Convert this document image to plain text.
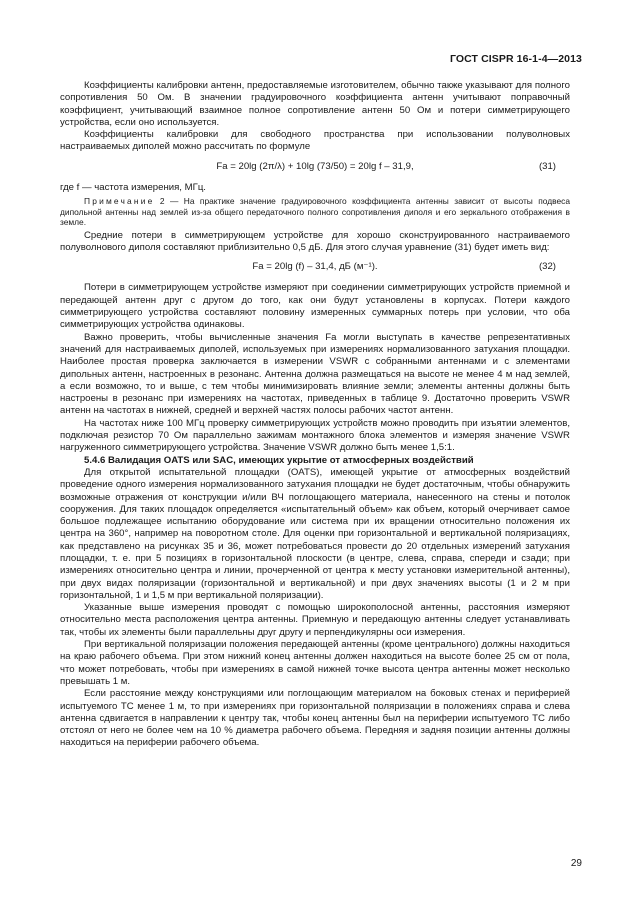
ГОСТ CISPR 16-1-4—2013

Коэффициенты калибровки антенн, предоставляемые изготовителем, обычно также указывают для полного сопротивления 50 Ом. В значении градуировочного коэффициента антенн учитывают поправочный коэффициент, учитывающий взаимное полное сопротивление антенн 50 Ом и потери симметрирующего устройства, если оно используется.

Коэффициенты калибровки для свободного пространства при использовании полуволновых настраиваемых диполей можно рассчитать по формуле

Fa = 20lg (2π/λ) + 10lg (73/50) = 20lg f – 31,9,	(31)

где f — частота измерения, МГц.

Примечание 2 — На практике значение градуировочного коэффициента антенны зависит от высоты подвеса дипольной антенны над землей из-за общего передаточного полного сопротивления диполя и его зеркального отображения в земле.

Средние потери в симметрирующем устройстве для хорошо сконструированного настраиваемого полуволнового диполя составляют приблизительно 0,5 дБ. Для этого случая уравнение (31) будет иметь вид:

Fa = 20lg (f) – 31,4, дБ (м⁻¹).	(32)

Потери в симметрирующем устройстве измеряют при соединении симметрирующих устройств приемной и передающей антенн друг с другом до того, как они будут установлены в корпусах. Потери каждого симметрирующего устройства составляют половину измеренных суммарных потерь при условии, что оба симметрирующих устройства одинаковы.

Важно проверить, чтобы вычисленные значения Fa могли выступать в качестве репрезентативных значений для настраиваемых диполей, используемых при измерениях нормализованного затухания площадки. Наиболее простая проверка заключается в измерении VSWR с собранными антеннами и с элементами дипольных антенн, настроенных в резонанс. Антенна должна размещаться на высоте не менее 4 м над землей, а если возможно, то и выше, с тем чтобы минимизировать влияние земли; элементы антенны должны быть настроены в резонанс при измерениях на частотах, приведенных в таблице 9. Достаточно проверить VSWR антенн на частотах в нижней, средней и верхней частях полосы рабочих частот антенн.

На частотах ниже 100 МГц проверку симметрирующих устройств можно проводить при изъятии элементов, подключая резистор 70 Ом параллельно зажимам монтажного блока элементов и измеряя значение VSWR нагруженного симметрирующего устройства. Значение VSWR должно быть менее 1,5:1.

5.4.6 Валидация OATS или SAC, имеющих укрытие от атмосферных воздействий

Для открытой испытательной площадки (OATS), имеющей укрытие от атмосферных воздействий проведение одного измерения нормализованного затухания площадки не будет достаточным, чтобы обнаружить возможные отражения от конструкции и/или ВЧ поглощающего материала, нанесенного на стены и потолок сооружения. Для таких площадок определяется «испытательный объем» как объем, который очерчивает самое большое подлежащее испытанию оборудование или система при их вращении относительно положения их центра на 360°, например на поворотном столе. Для оценки при горизонтальной и вертикальной поляризациях, как представлено на рисунках 35 и 36, может потребоваться провести до 20 отдельных измерений затухания площадки, т. е. при 5 позициях в горизонтальной плоскости (в центре, слева, справа, спереди и сзади; при измерениях относительно центра и линии, прочерченной от центра к месту установки измерительной антенны), при двух видах поляризации (горизонтальной и вертикальной) и при двух значениях высоты (1 и 2 м при горизонтальной, 1 и 1,5 м при вертикальной поляризации).

Указанные выше измерения проводят с помощью широкополосной антенны, расстояния измеряют относительно места расположения центра антенны. Приемную и передающую антенны следует устанавливать так, чтобы их элементы были параллельны друг другу и перпендикулярны оси измерения.

При вертикальной поляризации положения передающей антенны (кроме центрального) должны находиться на краю рабочего объема. При этом нижний конец антенны должен находиться на высоте более 25 см от пола, что может потребовать, чтобы при измерениях в самой нижней точке высота центра антенны может несколько превышать 1 м.

Если расстояние между конструкциями или поглощающим материалом на боковых стенах и периферией испытуемого ТС менее 1 м, то при измерениях при горизонтальной поляризации в положениях справа и слева антенна сдвигается в направлении к центру так, чтобы конец антенны был на периферии испытуемого ТС либо отстоял от него не более чем на 10 % диаметра рабочего объема. Передняя и задняя позиции антенны должны находиться на периферии рабочего объема.

29
